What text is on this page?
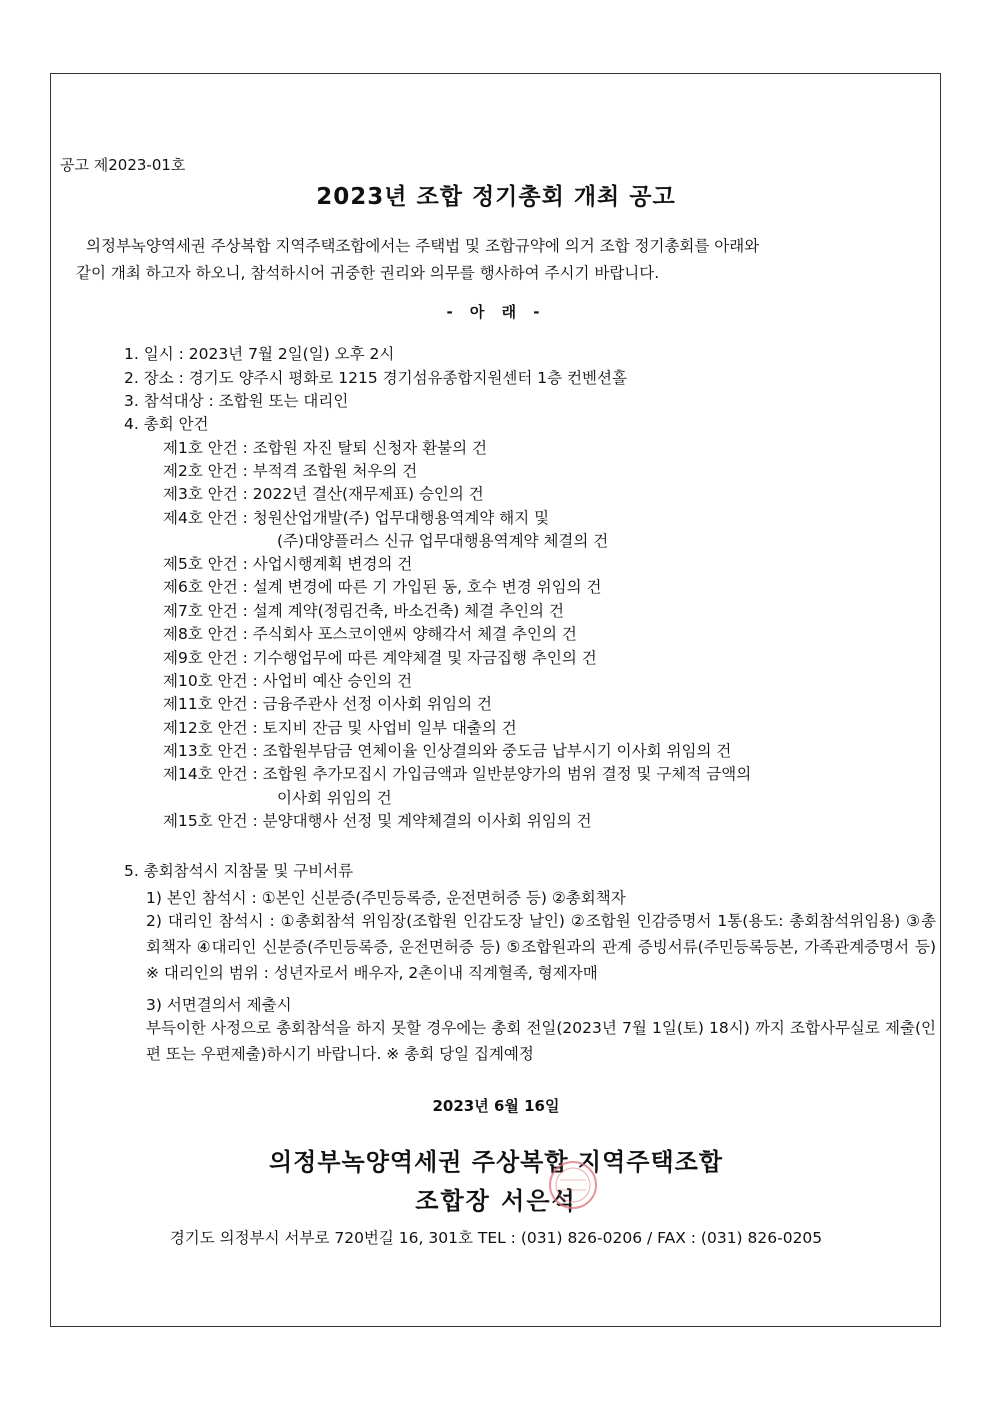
공고 제2023-01호
2023년 조합 정기총회 개최 공고
의정부녹양역세권 주상복합 지역주택조합에서는 주택법 및 조합규약에 의거 조합 정기총회를 아래와
같이 개최 하고자 하오니, 참석하시어 귀중한 권리와 의무를 행사하여 주시기 바랍니다.
- 아 래 -
1. 일시 : 2023년 7월 2일(일) 오후 2시
2. 장소 : 경기도 양주시 평화로 1215 경기섬유종합지원센터 1층 컨벤션홀
3. 참석대상 : 조합원 또는 대리인
4. 총회 안건
제1호 안건 : 조합원 자진 탈퇴 신청자 환불의 건
제2호 안건 : 부적격 조합원 처우의 건
제3호 안건 : 2022년 결산(재무제표) 승인의 건
제4호 안건 : 청원산업개발(주) 업무대행용역계약 해지 및
(주)대양플러스 신규 업무대행용역계약 체결의 건
제5호 안건 : 사업시행계획 변경의 건
제6호 안건 : 설계 변경에 따른 기 가입된 동, 호수 변경 위임의 건
제7호 안건 : 설계 계약(정림건축, 바소건축) 체결 추인의 건
제8호 안건 : 주식회사 포스코이앤씨 양해각서 체결 추인의 건
제9호 안건 : 기수행업무에 따른 계약체결 및 자금집행 추인의 건
제10호 안건 : 사업비 예산 승인의 건
제11호 안건 : 금융주관사 선정 이사회 위임의 건
제12호 안건 : 토지비 잔금 및 사업비 일부 대출의 건
제13호 안건 : 조합원부담금 연체이율 인상결의와 중도금 납부시기 이사회 위임의 건
제14호 안건 : 조합원 추가모집시 가입금액과 일반분양가의 범위 결정 및 구체적 금액의
이사회 위임의 건
제15호 안건 : 분양대행사 선정 및 계약체결의 이사회 위임의 건
5. 총회참석시 지참물 및 구비서류
1) 본인 참석시 : ①본인 신분증(주민등록증, 운전면허증 등) ②총회책자
2) 대리인 참석시 : ①총회참석 위임장(조합원 인감도장 날인) ②조합원 인감증명서 1통(용도: 총회참석위임용) ③총회책자 ④대리인 신분증(주민등록증, 운전면허증 등) ⑤조합원과의 관계 증빙서류(주민등록등본, 가족관계증명서 등) ※ 대리인의 범위 : 성년자로서 배우자, 2촌이내 직계혈족, 형제자매
3) 서면결의서 제출시
부득이한 사정으로 총회참석을 하지 못할 경우에는 총회 전일(2023년 7월 1일(토) 18시) 까지 조합사무실로 제출(인편 또는 우편제출)하시기 바랍니다. ※ 총회 당일 집계예정
2023년 6월 16일
의정부녹양역세권 주상복합 지역주택조합
조합장 서은석
경기도 의정부시 서부로 720번길 16, 301호 TEL : (031) 826-0206 / FAX : (031) 826-0205
